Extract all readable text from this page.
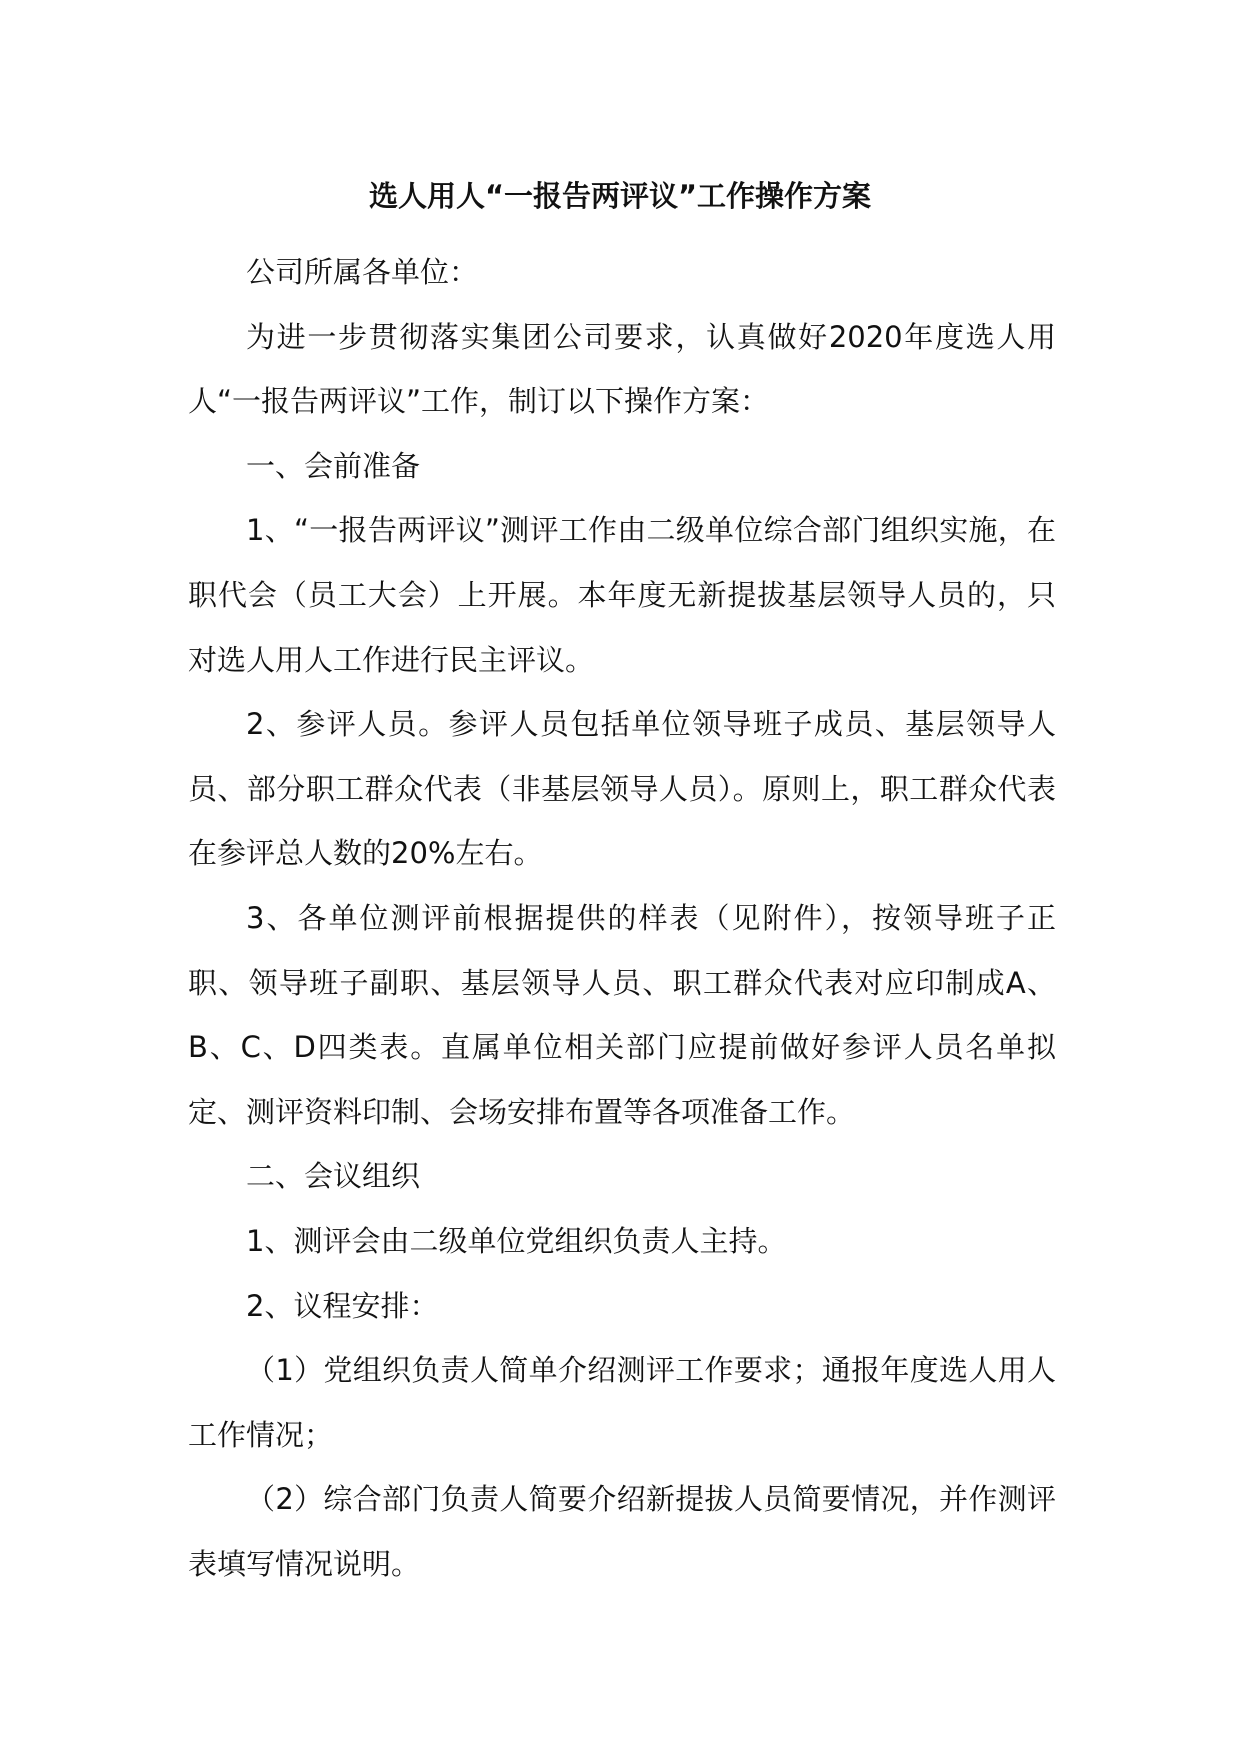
选人用人“一报告两评议”工作操作方案

公司所属各单位：

为进一步贯彻落实集团公司要求，认真做好2020年度选人用人“一报告两评议”工作，制订以下操作方案：

一、会前准备

1、“一报告两评议”测评工作由二级单位综合部门组织实施，在职代会（员工大会）上开展。本年度无新提拔基层领导人员的，只对选人用人工作进行民主评议。

2、参评人员。参评人员包括单位领导班子成员、基层领导人员、部分职工群众代表（非基层领导人员）。原则上，职工群众代表在参评总人数的20%左右。

3、各单位测评前根据提供的样表（见附件），按领导班子正职、领导班子副职、基层领导人员、职工群众代表对应印制成A、B、C、D四类表。直属单位相关部门应提前做好参评人员名单拟定、测评资料印制、会场安排布置等各项准备工作。

二、会议组织

1、测评会由二级单位党组织负责人主持。

2、议程安排：

（1）党组织负责人简单介绍测评工作要求；通报年度选人用人工作情况；

（2）综合部门负责人简要介绍新提拔人员简要情况，并作测评表填写情况说明。
